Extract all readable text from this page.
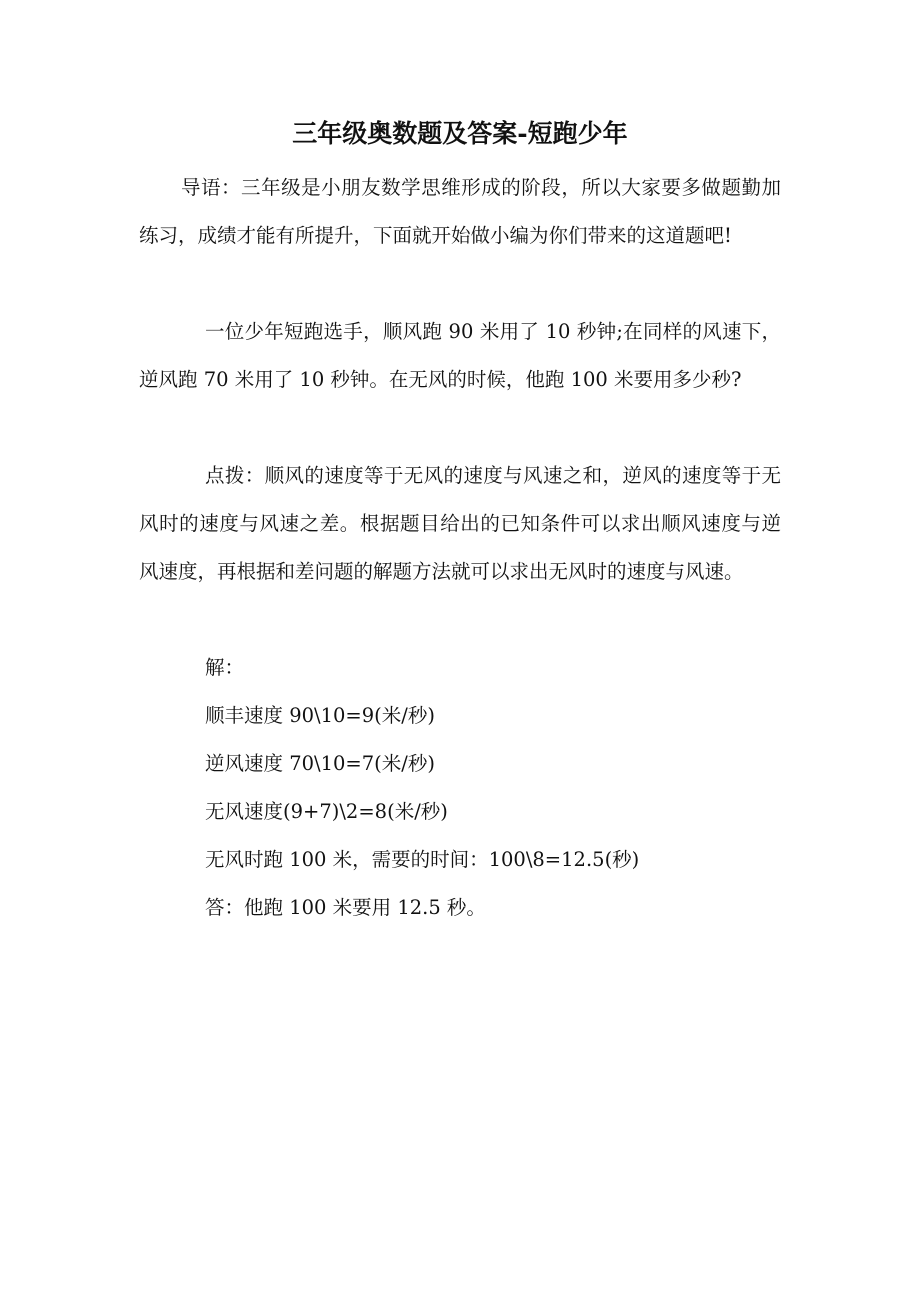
三年级奥数题及答案-短跑少年

导语：三年级是小朋友数学思维形成的阶段，所以大家要多做题勤加练习，成绩才能有所提升，下面就开始做小编为你们带来的这道题吧!

一位少年短跑选手，顺风跑 90 米用了 10 秒钟;在同样的风速下，逆风跑 70 米用了 10 秒钟。在无风的时候，他跑 100 米要用多少秒?

点拨：顺风的速度等于无风的速度与风速之和，逆风的速度等于无风时的速度与风速之差。根据题目给出的已知条件可以求出顺风速度与逆风速度，再根据和差问题的解题方法就可以求出无风时的速度与风速。

解：
顺丰速度 90\10=9(米/秒)
逆风速度 70\10=7(米/秒)
无风速度(9+7)\2=8(米/秒)
无风时跑 100 米，需要的时间：100\8=12.5(秒)
答：他跑 100 米要用 12.5 秒。
